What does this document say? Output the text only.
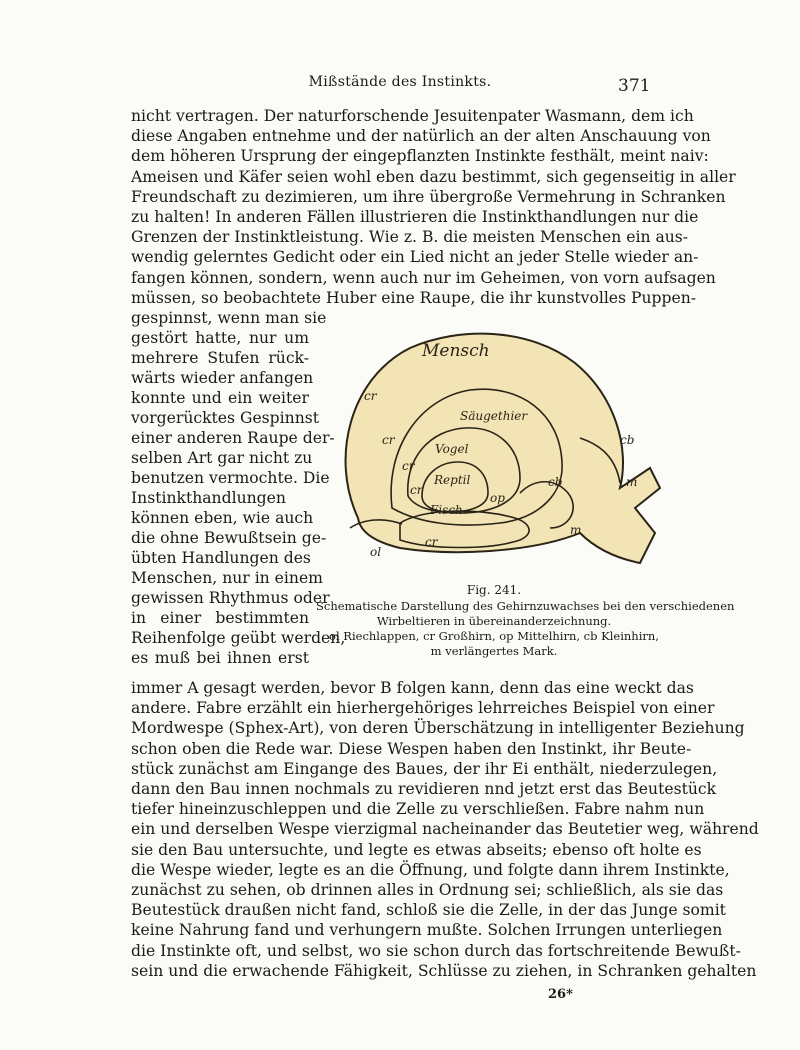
Mißstände des Instinkts.	371
nicht vertragen. Der naturforschende Jesuitenpater Wasmann, dem ich
diese Angaben entnehme und der natürlich an der alten Anschauung von
dem höheren Ursprung der eingepflanzten Instinkte festhält, meint naiv:
Ameisen und Käfer seien wohl eben dazu bestimmt, sich gegenseitig in aller
Freundschaft zu dezimieren, um ihre übergroße Vermehrung in Schranken
zu halten! In anderen Fällen illustrieren die Instinkthandlungen nur die
Grenzen der Instinktleistung. Wie z. B. die meisten Menschen ein aus-
wendig gelerntes Gedicht oder ein Lied nicht an jeder Stelle wieder an-
fangen können, sondern, wenn auch nur im Geheimen, von vorn aufsagen
müssen, so beobachtete Huber eine Raupe, die ihr kunstvolles Puppen-
gespinnst, wenn man sie
gestört hatte, nur um
mehrere Stufen rück-
wärts wieder anfangen
konnte und ein weiter
vorgerücktes Gespinnst
einer anderen Raupe der-
selben Art gar nicht zu
benutzen vermochte. Die
Instinkthandlungen
können eben, wie auch
die ohne Bewußtsein ge-
übten Handlungen des
Menschen, nur in einem
gewissen Rhythmus oder
in einer bestimmten
Reihenfolge geübt werden,
es muß bei ihnen erst
immer A gesagt werden, bevor B folgen kann, denn das eine weckt das
andere. Fabre erzählt ein hierhergehöriges lehrreiches Beispiel von einer
Mordwespe (Sphex-Art), von deren Überschätzung in intelligenter Beziehung
schon oben die Rede war. Diese Wespen haben den Instinkt, ihr Beute-
stück zunächst am Eingange des Baues, der ihr Ei enthält, niederzulegen,
dann den Bau innen nochmals zu revidieren nnd jetzt erst das Beutestück
tiefer hineinzuschleppen und die Zelle zu verschließen. Fabre nahm nun
ein und derselben Wespe vierzigmal nacheinander das Beutetier weg, während
sie den Bau untersuchte, und legte es etwas abseits; ebenso oft holte es
die Wespe wieder, legte es an die Öffnung, und folgte dann ihrem Instinkte,
zunächst zu sehen, ob drinnen alles in Ordnung sei; schließlich, als sie das
Beutestück draußen nicht fand, schloß sie die Zelle, in der das Junge somit
keine Nahrung fand und verhungern mußte. Solchen Irrungen unterliegen
die Instinkte oft, und selbst, wo sie schon durch das fortschreitende Bewußt-
sein und die erwachende Fähigkeit, Schlüsse zu ziehen, in Schranken gehalten
Mensch
Säugethier
Vogel
Reptil
Fisch
cr
cr
cr
cr
cr
cb
cb	m
m
op
ol
Fig. 241.
Schematische Darstellung des Gehirnzuwachses bei den verschiedenen
Wirbeltieren in übereinanderzeichnung.
ol Riechlappen, cr Großhirn, op Mittelhirn, cb Kleinhirn,
m verlängertes Mark.
26*
